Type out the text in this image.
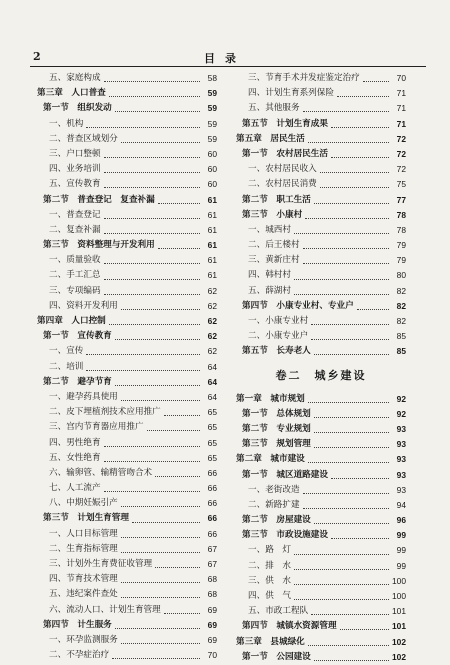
2	目录
五、家庭构成	58
第三章　人口普查	59
第一节　组织发动	59
一、机构	59
二、普查区域划分	59
三、户口整顿	60
四、业务培训	60
五、宣传教育	60
第二节　普查登记　复查补漏	61
一、普查登记	61
二、复查补漏	61
第三节　资料整理与开发利用	61
一、质量验收	61
二、手工汇总	61
三、专项编码	62
四、资料开发利用	62
第四章　人口控制	62
第一节　宣传教育	62
一、宣传	62
二、培训	64
第二节　避孕节育	64
一、避孕药具使用	64
二、皮下埋植剂技术应用推广	65
三、宫内节育器应用推广	65
四、男性绝育	65
五、女性绝育	65
六、输卵管、输精管吻合术	66
七、人工流产	66
八、中期妊娠引产	66
第三节　计划生育管理	66
一、人口目标管理	66
二、生育指标管理	67
三、计划外生育费征收管理	67
四、节育技术管理	68
五、违纪案件查处	68
六、流动人口、计划生育管理	69
第四节　计生服务	69
一、环孕监测服务	69
二、不孕症治疗	70
三、节育手术并发症鉴定治疗	70
四、计划生育系列保险	71
五、其他服务	71
第五节　计划生育成果	71
第五章　居民生活	72
第一节　农村居民生活	72
一、农村居民收入	72
二、农村居民消费	75
第二节　职工生活	77
第三节　小康村	78
一、城西村	78
二、后王楼村	79
三、黄新庄村	79
四、韩村村	80
五、薛湖村	82
第四节　小康专业村、专业户	82
一、小康专业村	82
二、小康专业户	85
第五节　长寿老人	85
卷二　城乡建设
第一章　城市规划	92
第一节　总体规划	92
第二节　专业规划	93
第三节　规划管理	93
第二章　城市建设	93
第一节　城区道路建设	93
一、老街改造	93
二、新路扩建	94
第二节　房屋建设	96
第三节　市政设施建设	99
一、路　灯	99
二、排　水	99
三、供　水	100
四、供　气	100
五、市政工程队	101
第四节　城镇水资源管理	101
第三章　县城绿化	102
第一节　公园建设	102
